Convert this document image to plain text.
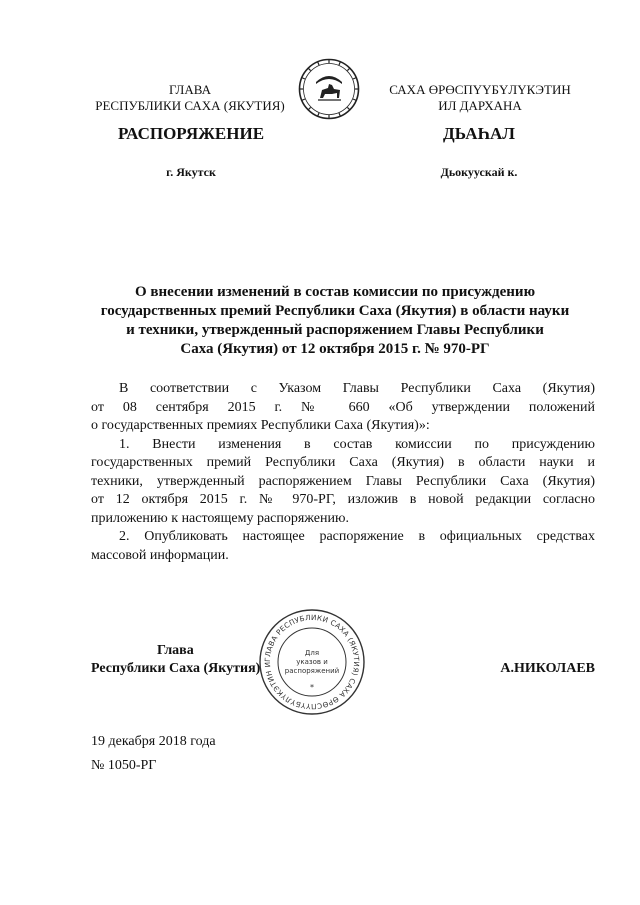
ГЛАВА
РЕСПУБЛИКИ САХА (ЯКУТИЯ)
САХА ӨРӨСПҮҮБҮЛҮКЭТИН
ИЛ ДАРХАНА
РАСПОРЯЖЕНИЕ	ДЬАҺАЛ
г. Якутск	Дьокуускай к.
О внесении изменений в состав комиссии по присуждению
государственных премий Республики Саха (Якутия) в области науки
и техники, утвержденный распоряжением Главы Республики
Саха (Якутия) от 12 октября 2015 г. № 970-РГ

В соответствии с Указом Главы Республики Саха (Якутия)

от 08 сентября 2015 г. № 660 «Об утверждении положений

о государственных премиях Республики Саха (Якутия)»:

1. Внести изменения в состав комиссии по присуждению

государственных премий Республики Саха (Якутия) в области науки и

техники, утвержденный распоряжением Главы Республики Саха (Якутия)

от 12 октября 2015 г. № 970-РГ, изложив в новой редакции согласно

приложению к настоящему распоряжению.

2. Опубликовать настоящее распоряжение в официальных средствах

массовой информации.

ГЛАВА РЕСПУБЛИКИ САХА (ЯКУТИЯ) САХА ӨРӨСПҮҮБҮЛҮКЭТИН И
Для
указов и
распоряжений
*
Глава
Республики Саха (Якутия)	А.НИКОЛАЕВ
19 декабря 2018 года
№ 1050-РГ
